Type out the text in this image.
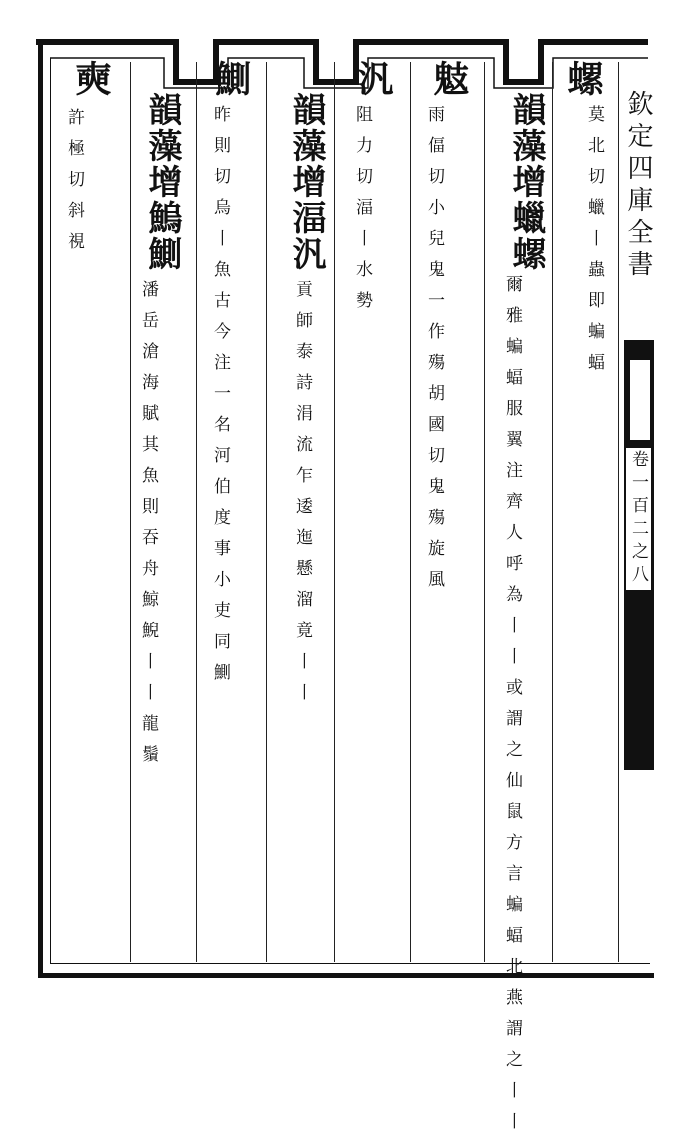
欽定四庫全書
卷一百二之八
螺
莫北切蠟丨蟲即蝙蝠
韻藻增蠟螺
爾雅蝙蝠服翼注齊人呼為丨丨或謂之仙鼠方言蝙蝠北燕謂之丨丨
鬾
雨偪切小兒鬼一作殤胡國切鬼殤旋風
汎
阻力切湢丨水勢
韻藻增湢汎
貢師泰詩涓流乍逶迤懸溜竟丨丨
鰂
昨則切烏丨魚古今注一名河伯度事小吏同鰂
韻藻增鰞鰂
潘岳滄海賦其魚則吞舟鯨鯢丨丨龍鬚
奭
許極切斜視
